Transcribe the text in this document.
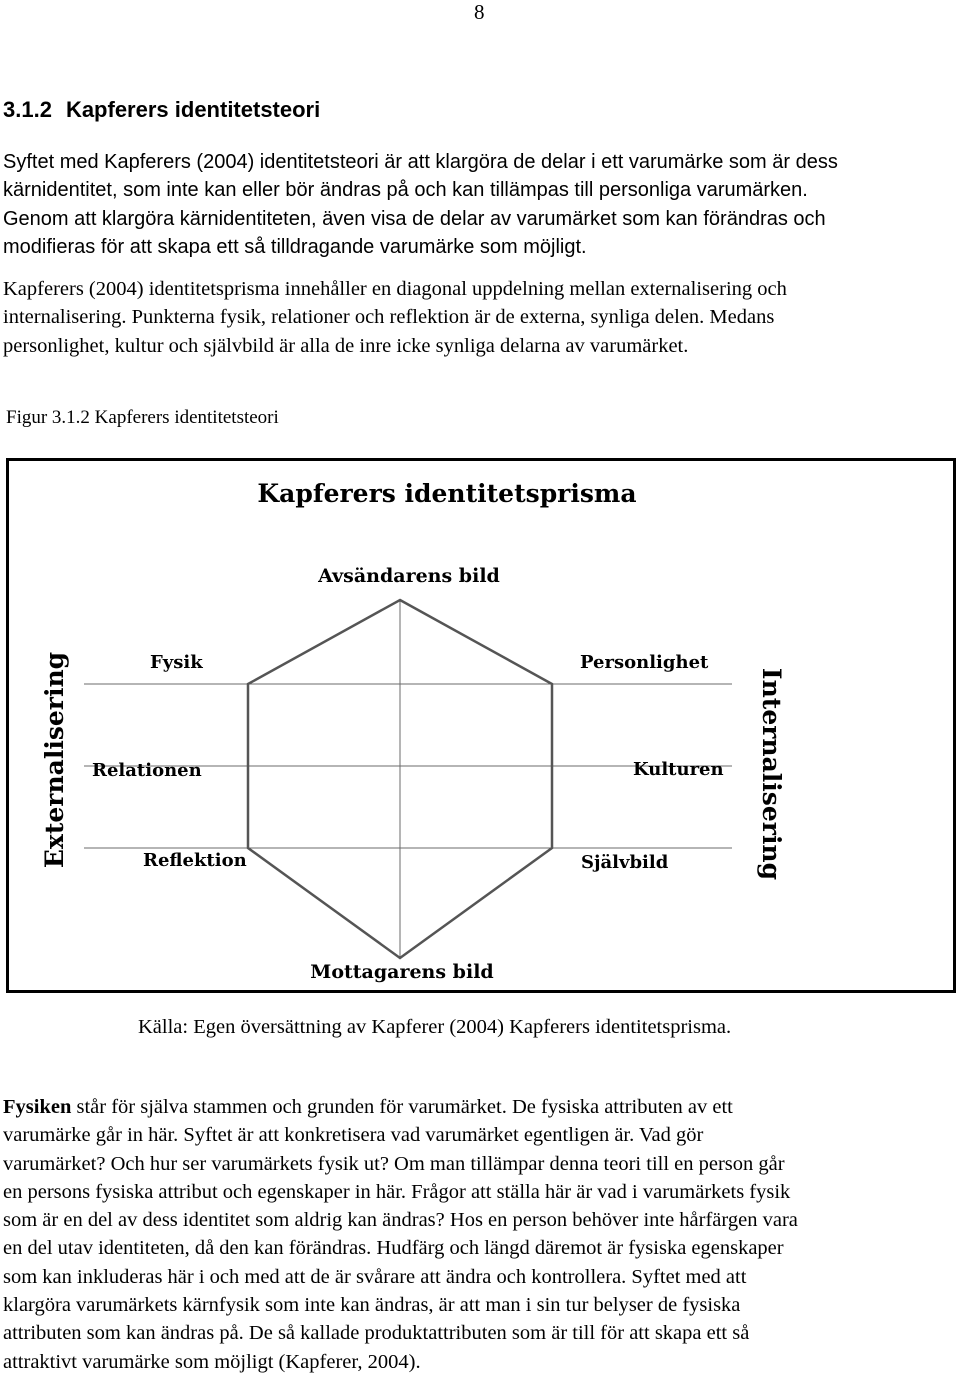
8
3.1.2 Kapferers identitetsteori

Syftet med Kapferers (2004) identitetsteori är att klargöra de delar i ett varumärke som är dess
kärnidentitet, som inte kan eller bör ändras på och kan tillämpas till personliga varumärken.
Genom att klargöra kärnidentiteten, även visa de delar av varumärket som kan förändras och
modifieras för att skapa ett så tilldragande varumärke som möjligt.

Kapferers (2004) identitetsprisma innehåller en diagonal uppdelning mellan externalisering och
internalisering. Punkterna fysik, relationer och reflektion är de externa, synliga delen. Medans
personlighet, kultur och självbild är alla de inre icke synliga delarna av varumärket.

Figur 3.1.2 Kapferers identitetsteori

Kapferers identitetsprisma
Avsändarens bild
Mottagarens bild
Fysik
Relationen
Reflektion
Personlighet
Kulturen
Självbild
Externalisering	Internalisering

Källa: Egen översättning av Kapferer (2004) Kapferers identitetsprisma.

Fysiken står för själva stammen och grunden för varumärket. De fysiska attributen av ett
varumärke går in här. Syftet är att konkretisera vad varumärket egentligen är. Vad gör
varumärket? Och hur ser varumärkets fysik ut? Om man tillämpar denna teori till en person går
en persons fysiska attribut och egenskaper in här. Frågor att ställa här är vad i varumärkets fysik
som är en del av dess identitet som aldrig kan ändras? Hos en person behöver inte hårfärgen vara
en del utav identiteten, då den kan förändras. Hudfärg och längd däremot är fysiska egenskaper
som kan inkluderas här i och med att de är svårare att ändra och kontrollera. Syftet med att
klargöra varumärkets kärnfysik som inte kan ändras, är att man i sin tur belyser de fysiska
attributen som kan ändras på. De så kallade produktattributen som är till för att skapa ett så
attraktivt varumärke som möjligt (Kapferer, 2004).
